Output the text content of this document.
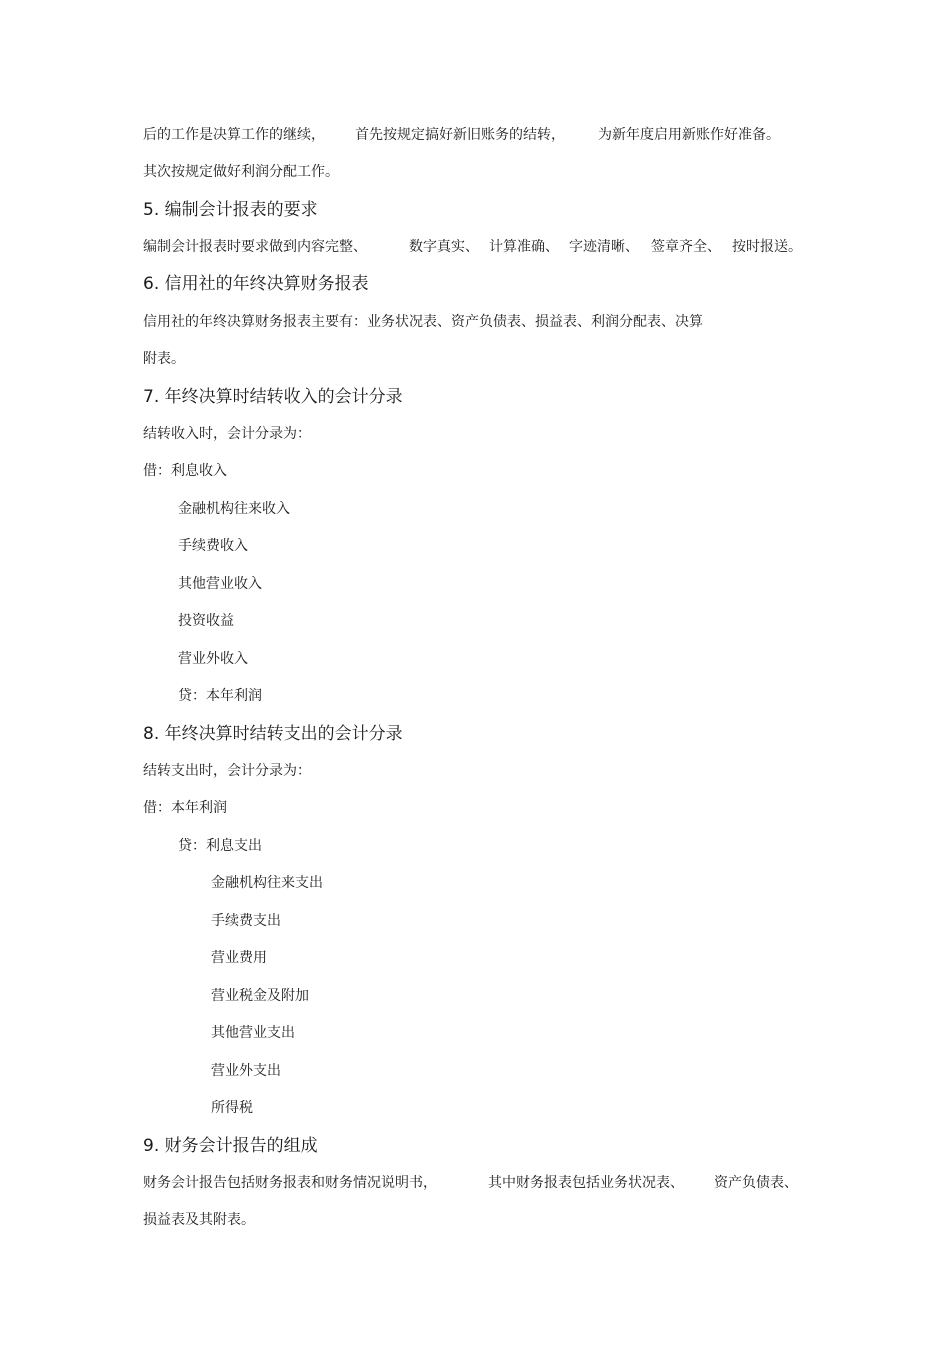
后的工作是决算工作的继续， 首先按规定搞好新旧账务的结转， 为新年度启用新账作好准备。
其次按规定做好利润分配工作。
5. 编制会计报表的要求
编制会计报表时要求做到内容完整、	数字真实、 计算准确、 字迹清晰、 签章齐全、 按时报送。
6. 信用社的年终决算财务报表
信用社的年终决算财务报表主要有：业务状况表、资产负债表、损益表、利润分配表、决算
附表。
7. 年终决算时结转收入的会计分录
结转收入时，会计分录为：
借：利息收入
金融机构往来收入
手续费收入
其他营业收入
投资收益
营业外收入
贷：本年利润
8. 年终决算时结转支出的会计分录
结转支出时，会计分录为：
借：本年利润
贷：利息支出
金融机构往来支出
手续费支出
营业费用
营业税金及附加
其他营业支出
营业外支出
所得税
9. 财务会计报告的组成
财务会计报告包括财务报表和财务情况说明书，	其中财务报表包括业务状况表、 资产负债表、
损益表及其附表。
